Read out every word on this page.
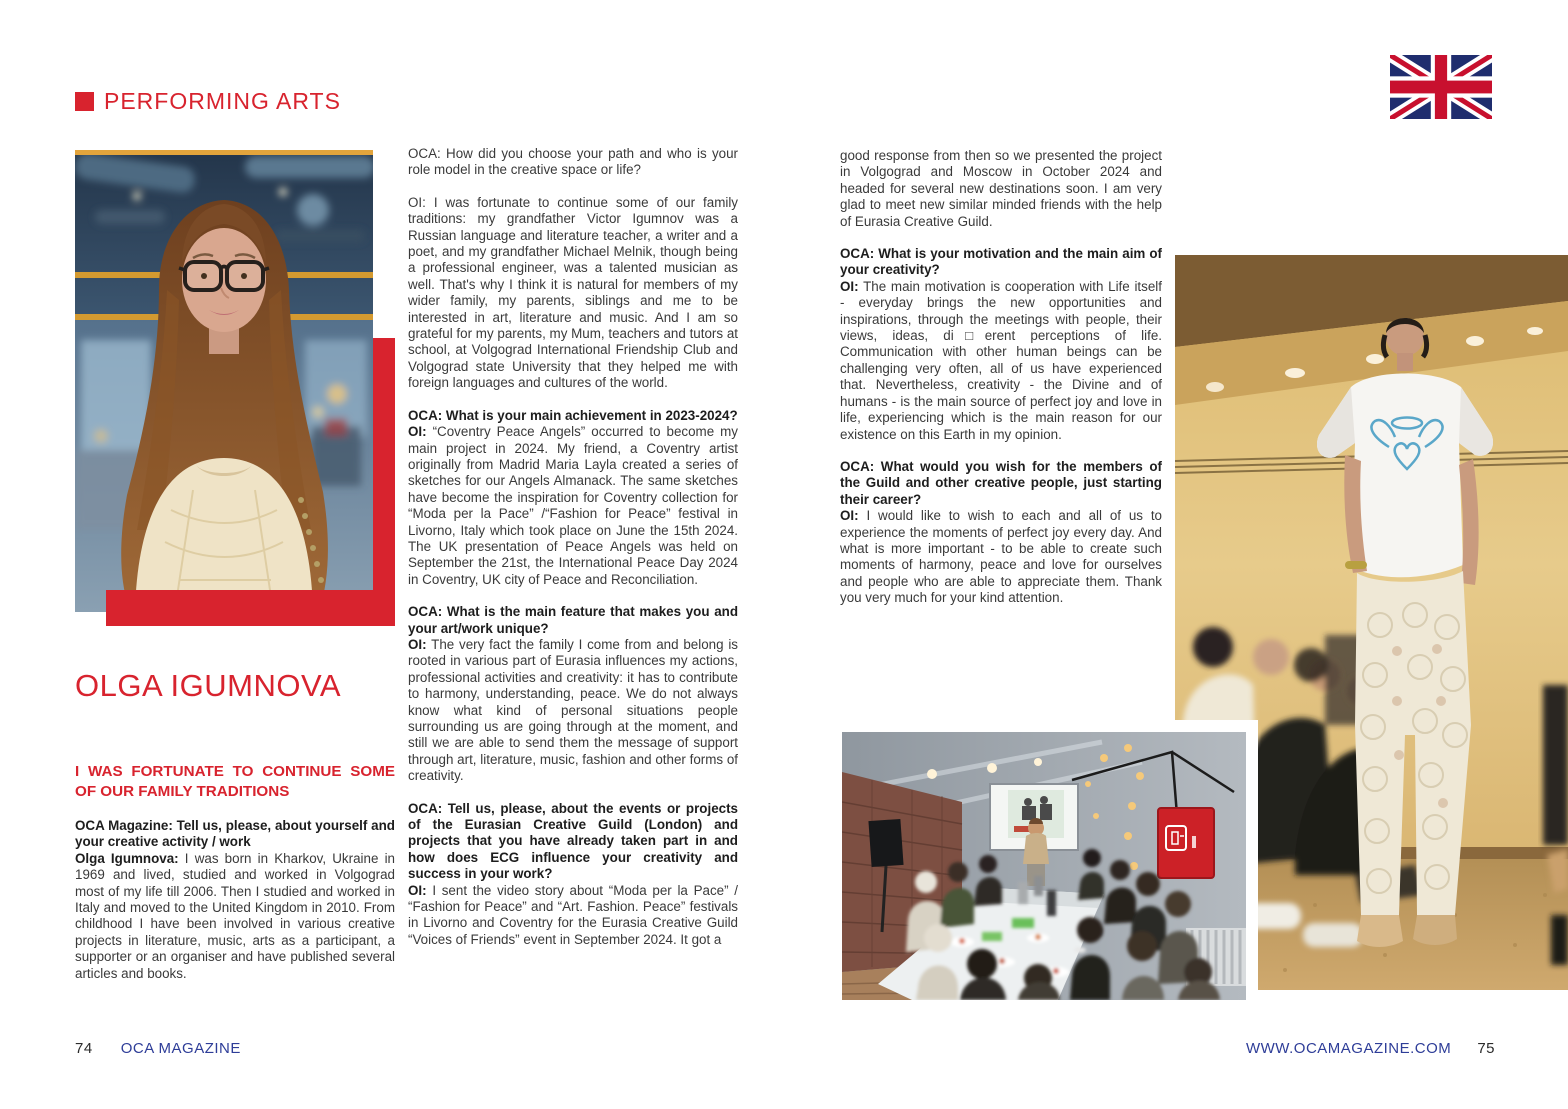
PERFORMING ARTS
OLGA IGUMNOVA
I WAS FORTUNATE TO CONTINUE SOME OF OUR FAMILY TRADITIONS

OCA Magazine: Tell us, please, about yourself and your creative activity / work

Olga Igumnova: I was born in Kharkov, Ukraine in 1969 and lived, studied and worked in Volgograd most of my life till 2006. Then I studied and worked in Italy and moved to the United Kingdom in 2010. From childhood I have been involved in various creative projects in literature, music, arts as a participant, a supporter or an organiser and have published several articles and books.

OCA: How did you choose your path and who is your role model in the creative space or life?

OI: I was fortunate to continue some of our family traditions: my grandfather Victor Igumnov was a Russian language and literature teacher, a writer and a poet, and my grandfather Michael Melnik, though being a professional engineer, was a talented musician as well. That's why I think it is natural for members of my wider family, my parents, siblings and me to be interested in art, literature and music. And I am so grateful for my parents, my Mum, teachers and tutors at school, at Volgograd International Friendship Club and Volgograd state University that they helped me with foreign languages and cultures of the world.

OCA: What is your main achievement in 2023-2024?

OI: “Coventry Peace Angels” occurred to become my main project in 2024. My friend, a Coventry artist originally from Madrid Maria Layla created a series of sketches for our Angels Almanack. The same sketches have become the inspiration for Coventry collection for “Moda per la Pace” /“Fashion for Peace” festival in Livorno, Italy which took place on June the 15th 2024. The UK presentation of Peace Angels was held on September the 21st, the International Peace Day 2024 in Coventry, UK city of Peace and Reconciliation.

OCA: What is the main feature that makes you and your art/work unique?

OI: The very fact the family I come from and belong is rooted in various part of Eurasia influences my actions, professional activities and creativity: it has to contribute to harmony, understanding, peace. We do not always know what kind of personal situations people surrounding us are going through at the moment, and still we are able to send them the message of support through art, literature, music, fashion and other forms of creativity.

OCA: Tell us, please, about the events or projects of the Eurasian Creative Guild (London) and projects that you have already taken part in and how does ECG influence your creativity and success in your work?

OI: I sent the video story about “Moda per la Pace” / “Fashion for Peace” and “Art. Fashion. Peace” festivals in Livorno and Coventry for the Eurasia Creative Guild “Voices of Friends” event in September 2024. It got a

good response from then so we presented the project in Volgograd and Moscow in October 2024 and headed for several new destinations soon. I am very glad to meet new similar minded friends with the help of Eurasia Creative Guild.

OCA: What is your motivation and the main aim of your creativity?

OI: The main motivation is cooperation with Life itself - everyday brings the new opportunities and inspirations, through the meetings with people, their views, ideas, di□erent perceptions of life. Communication with other human beings can be challenging very often, all of us have experienced that. Nevertheless, creativity - the Divine and of humans - is the main source of perfect joy and love in life, experiencing which is the main reason for our existence on this Earth in my opinion.

OCA: What would you wish for the members of the Guild and other creative people, just starting their career?

OI: I would like to wish to each and all of us to experience the moments of perfect joy every day. And what is more important - to be able to create such moments of harmony, peace and love for ourselves and people who are able to appreciate them. Thank you very much for your kind attention.

74 OCA MAGAZINE	WWW.OCAMAGAZINE.COM 75
